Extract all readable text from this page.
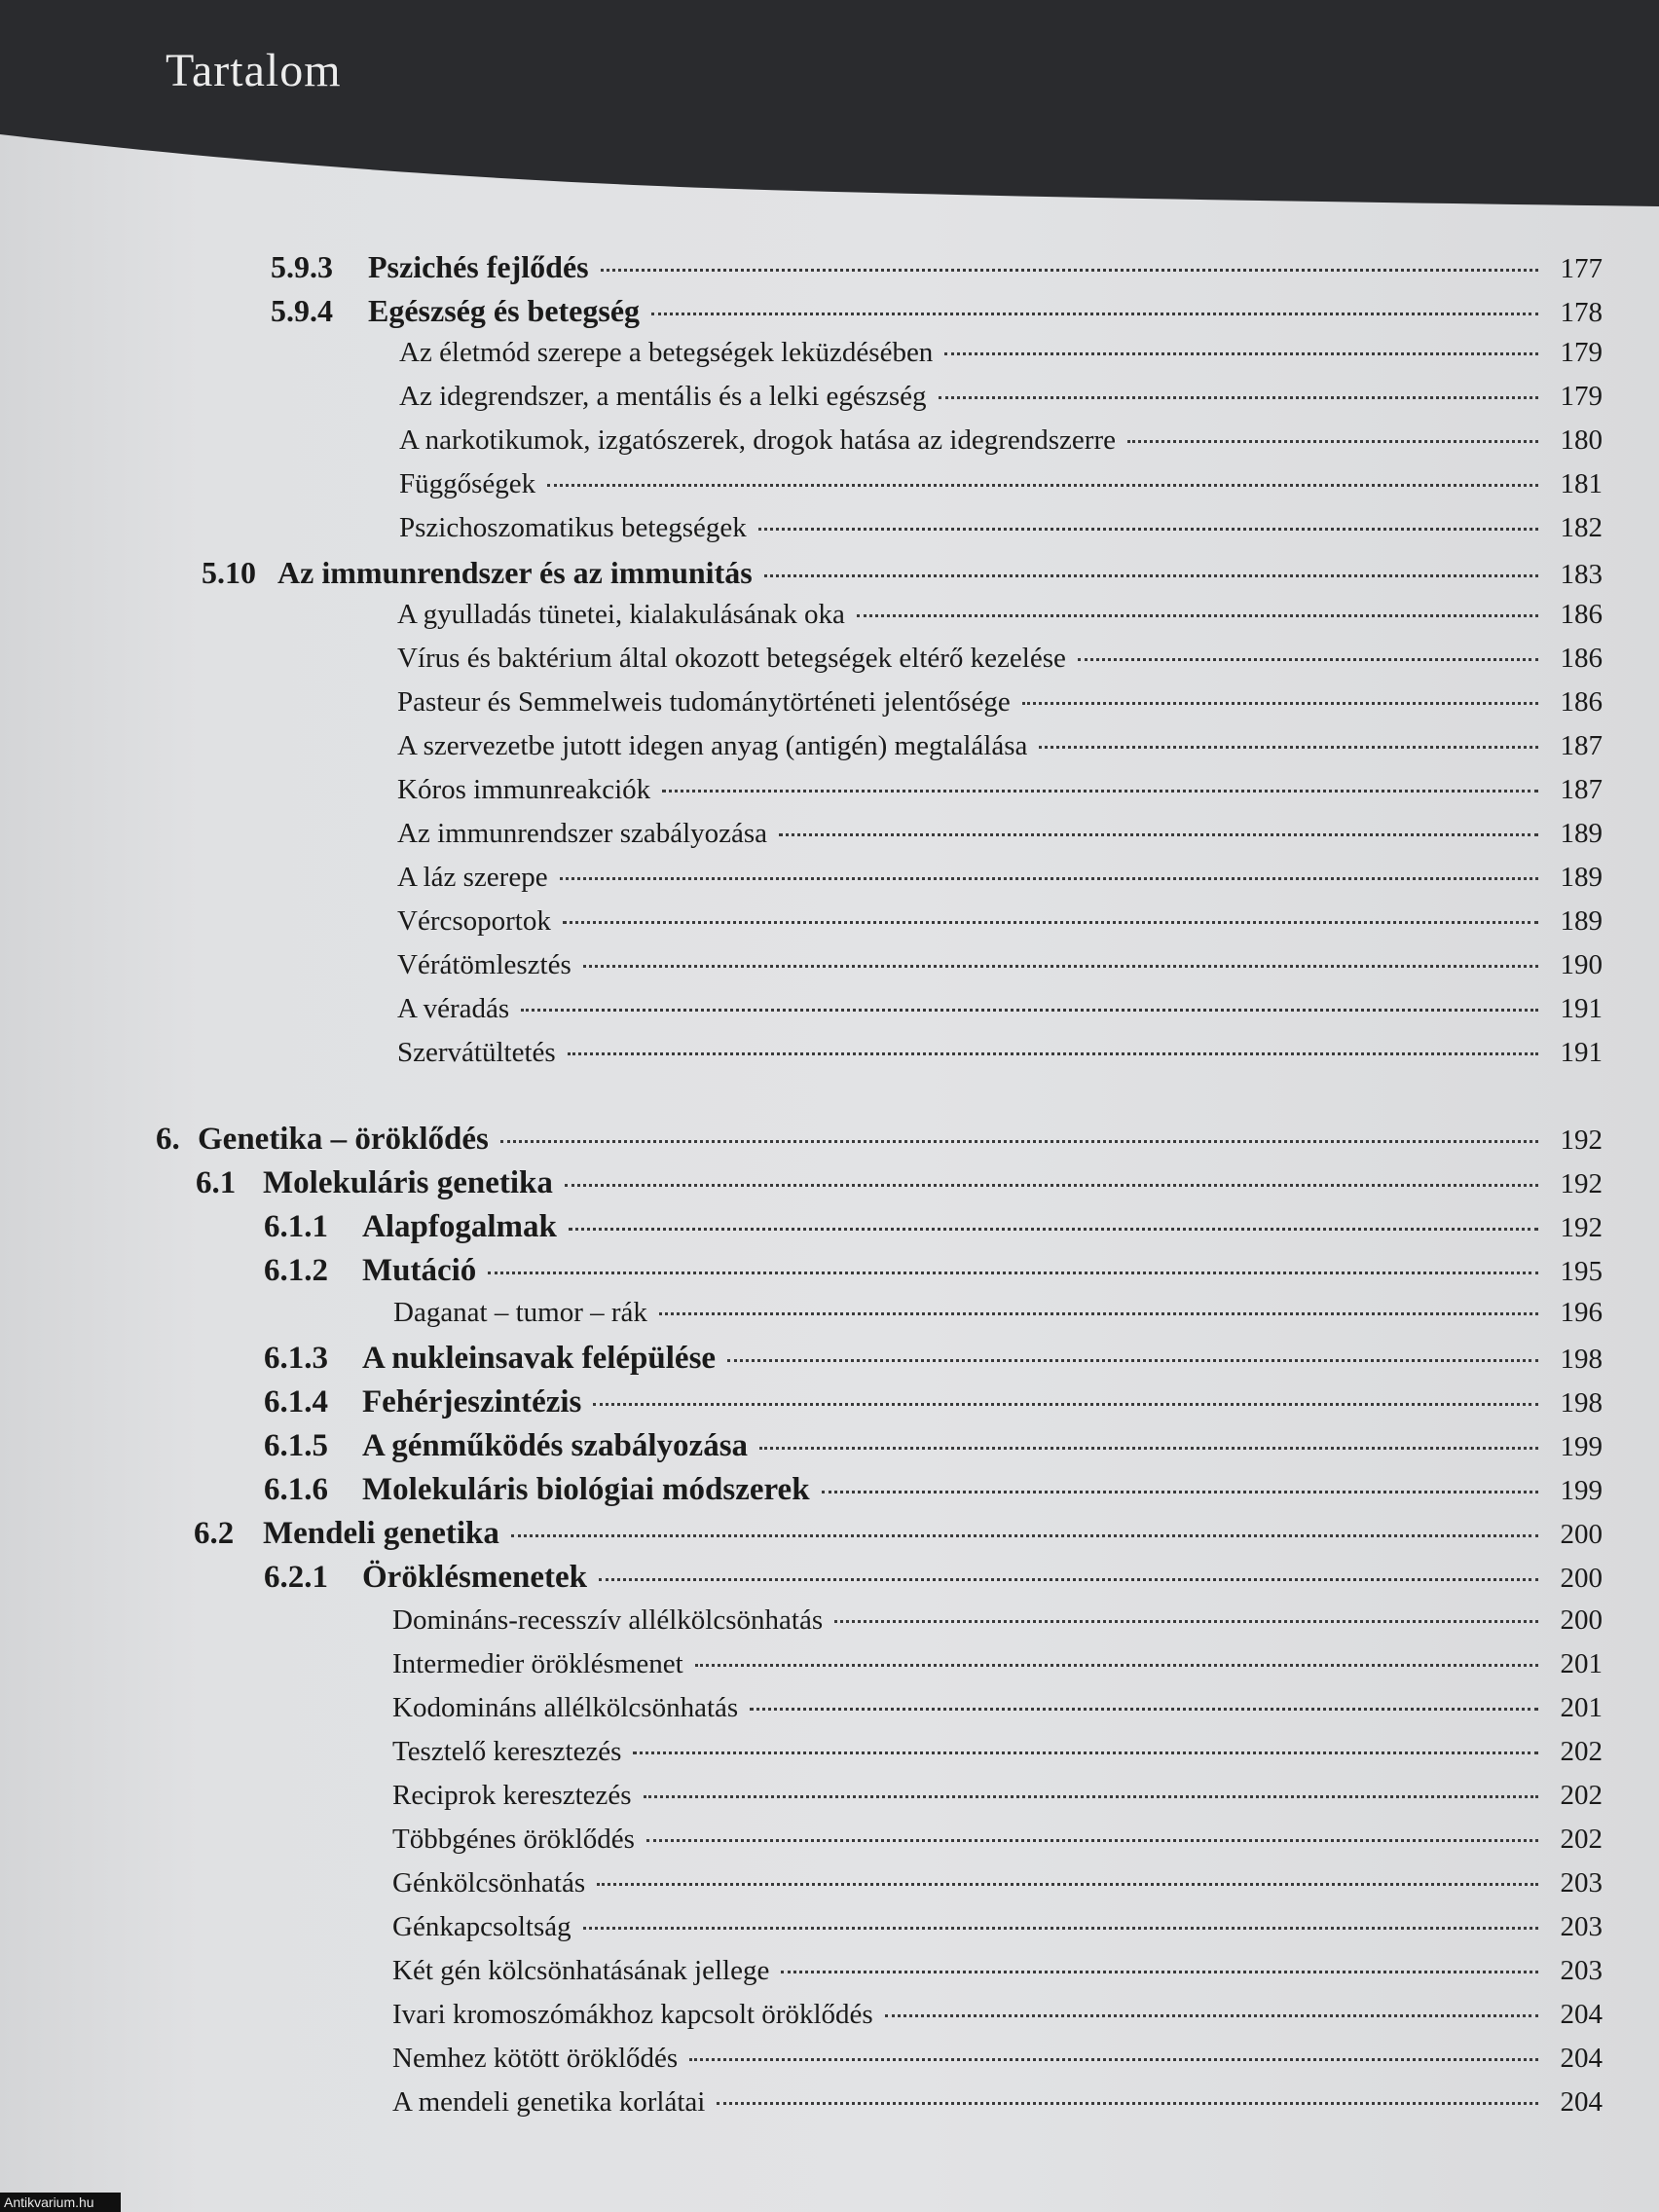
Tartalom
5.9.3	Pszichés fejlődés	177
5.9.4	Egészség és betegség	178
Az életmód szerepe a betegségek leküzdésében	179
Az idegrendszer, a mentális és a lelki egészség	179
A narkotikumok, izgatószerek, drogok hatása az idegrendszerre	180
Függőségek	181
Pszichoszomatikus betegségek	182
5.10 Az immunrendszer és az immunitás	183
A gyulladás tünetei, kialakulásának oka	186
Vírus és baktérium által okozott betegségek eltérő kezelése	186
Pasteur és Semmelweis tudománytörténeti jelentősége	186
A szervezetbe jutott idegen anyag (antigén) megtalálása	187
Kóros immunreakciók	187
Az immunrendszer szabályozása	189
A láz szerepe	189
Vércsoportok	189
Vérátömlesztés	190
A véradás	191
Szervátültetés	191
6. Genetika – öröklődés	192
6.1 Molekuláris genetika	192
6.1.1	Alapfogalmak	192
6.1.2	Mutáció	195
Daganat – tumor – rák	196
6.1.3	A nukleinsavak felépülése	198
6.1.4	Fehérjeszintézis	198
6.1.5	A génműködés szabályozása	199
6.1.6	Molekuláris biológiai módszerek	199
6.2 Mendeli genetika	200
6.2.1	Öröklésmenetek	200
Domináns-recesszív allélkölcsönhatás	200
Intermedier öröklésmenet	201
Kodomináns allélkölcsönhatás	201
Tesztelő keresztezés	202
Reciprok keresztezés	202
Többgénes öröklődés	202
Génkölcsönhatás	203
Génkapcsoltság	203
Két gén kölcsönhatásának jellege	203
Ivari kromoszómákhoz kapcsolt öröklődés	204
Nemhez kötött öröklődés	204
A mendeli genetika korlátai	204
Antikvarium.hu
